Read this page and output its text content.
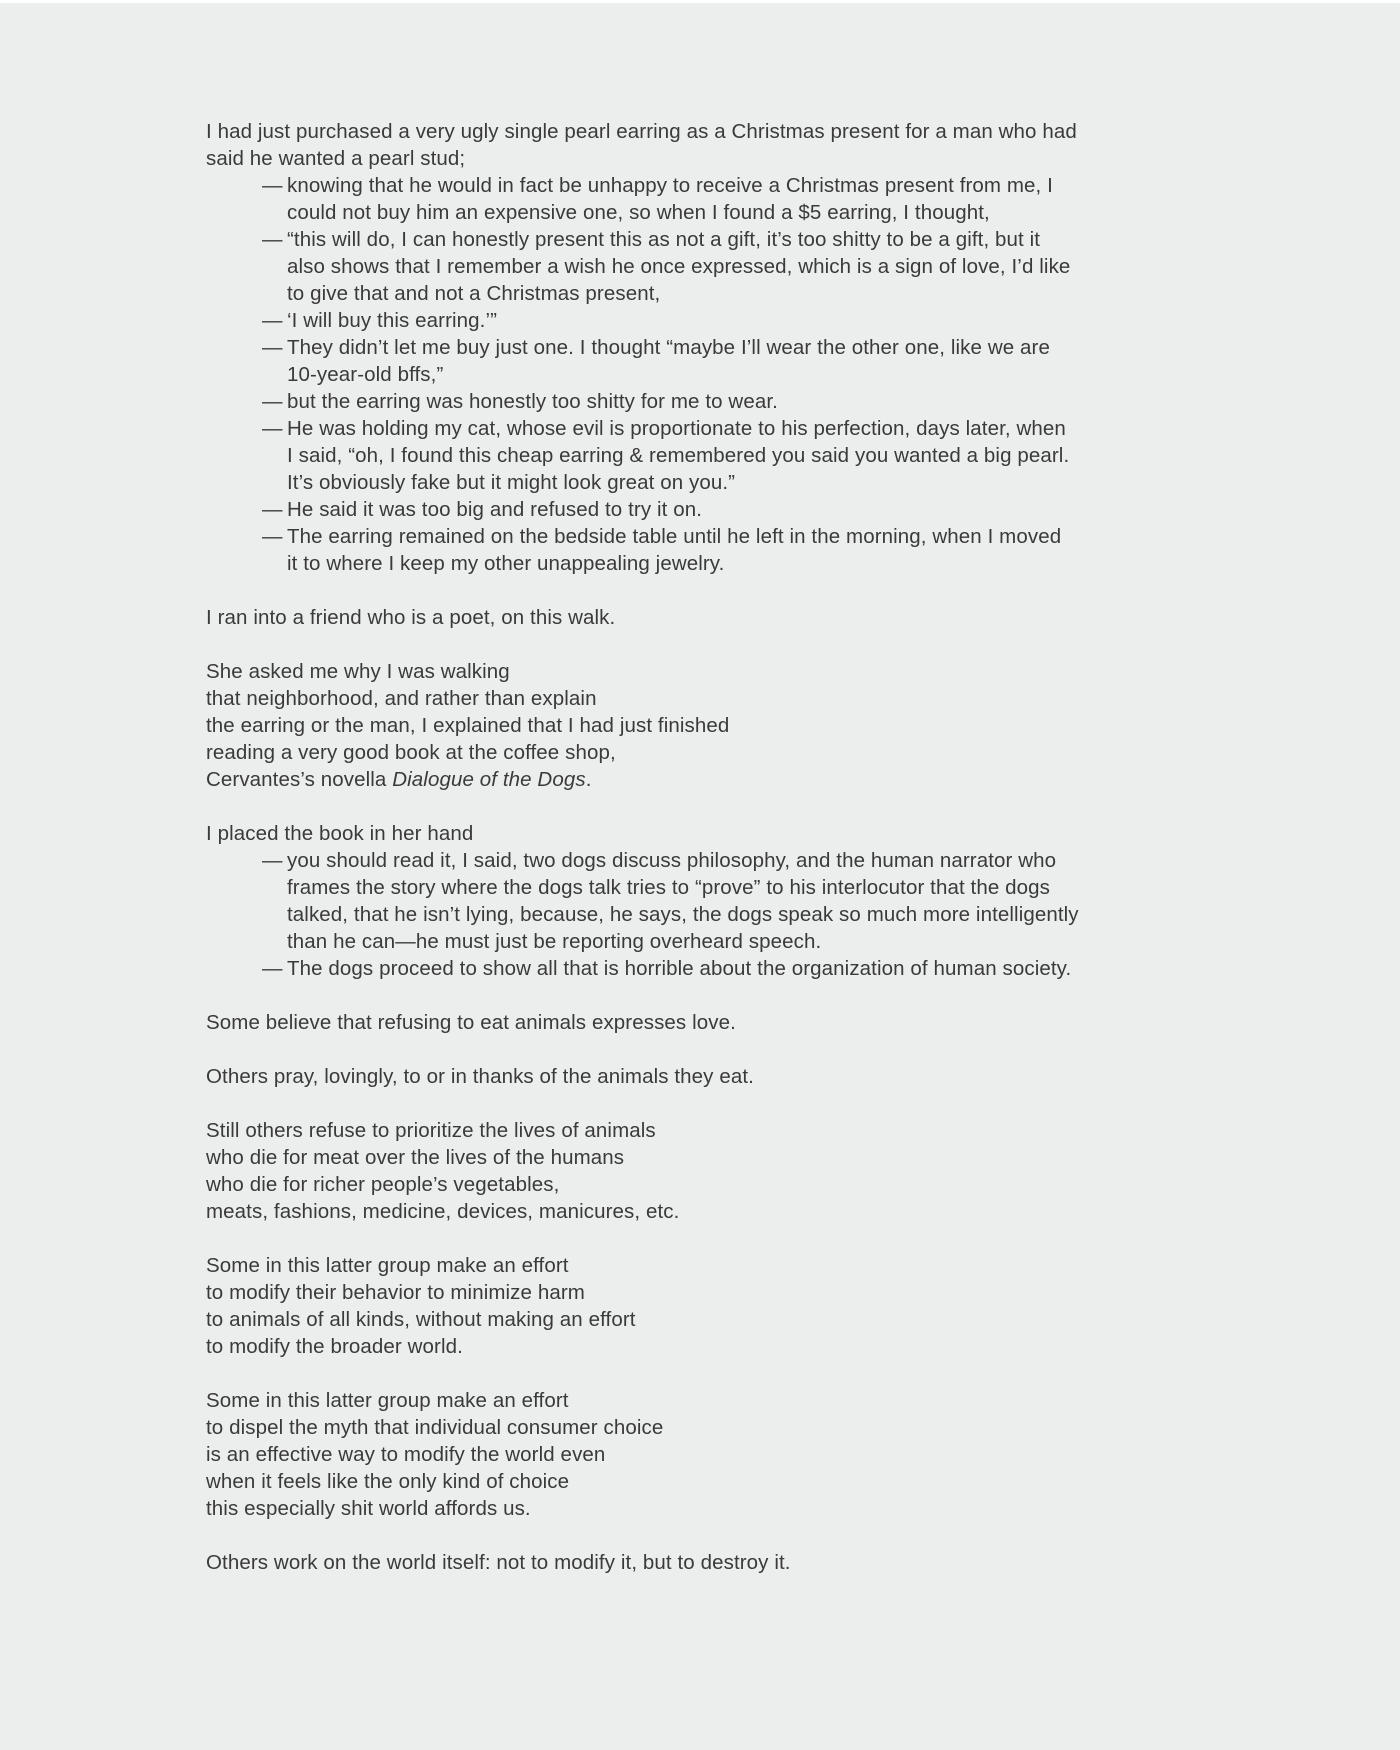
I had just purchased a very ugly single pearl earring as a Christmas present for a man who had
said he wanted a pearl stud;
— knowing that he would in fact be unhappy to receive a Christmas present from me, I
could not buy him an expensive one, so when I found a $5 earring, I thought,
— “this will do, I can honestly present this as not a gift, it’s too shitty to be a gift, but it
also shows that I remember a wish he once expressed, which is a sign of love, I’d like
to give that and not a Christmas present,
— ‘I will buy this earring.’”
— They didn’t let me buy just one. I thought “maybe I’ll wear the other one, like we are
10-year-old bffs,”
— but the earring was honestly too shitty for me to wear.
— He was holding my cat, whose evil is proportionate to his perfection, days later, when
I said, “oh, I found this cheap earring & remembered you said you wanted a big pearl.
It’s obviously fake but it might look great on you.”
— He said it was too big and refused to try it on.
— The earring remained on the bedside table until he left in the morning, when I moved
it to where I keep my other unappealing jewelry.
I ran into a friend who is a poet, on this walk.
She asked me why I was walking
that neighborhood, and rather than explain
the earring or the man, I explained that I had just finished
reading a very good book at the coffee shop,
Cervantes’s novella Dialogue of the Dogs.
I placed the book in her hand
— you should read it, I said, two dogs discuss philosophy, and the human narrator who
frames the story where the dogs talk tries to “prove” to his interlocutor that the dogs
talked, that he isn’t lying, because, he says, the dogs speak so much more intelligently
than he can—he must just be reporting overheard speech.
— The dogs proceed to show all that is horrible about the organization of human society.
Some believe that refusing to eat animals expresses love.
Others pray, lovingly, to or in thanks of the animals they eat.
Still others refuse to prioritize the lives of animals
who die for meat over the lives of the humans
who die for richer people’s vegetables,
meats, fashions, medicine, devices, manicures, etc.
Some in this latter group make an effort
to modify their behavior to minimize harm
to animals of all kinds, without making an effort
to modify the broader world.
Some in this latter group make an effort
to dispel the myth that individual consumer choice
is an effective way to modify the world even
when it feels like the only kind of choice
this especially shit world affords us.
Others work on the world itself: not to modify it, but to destroy it.
